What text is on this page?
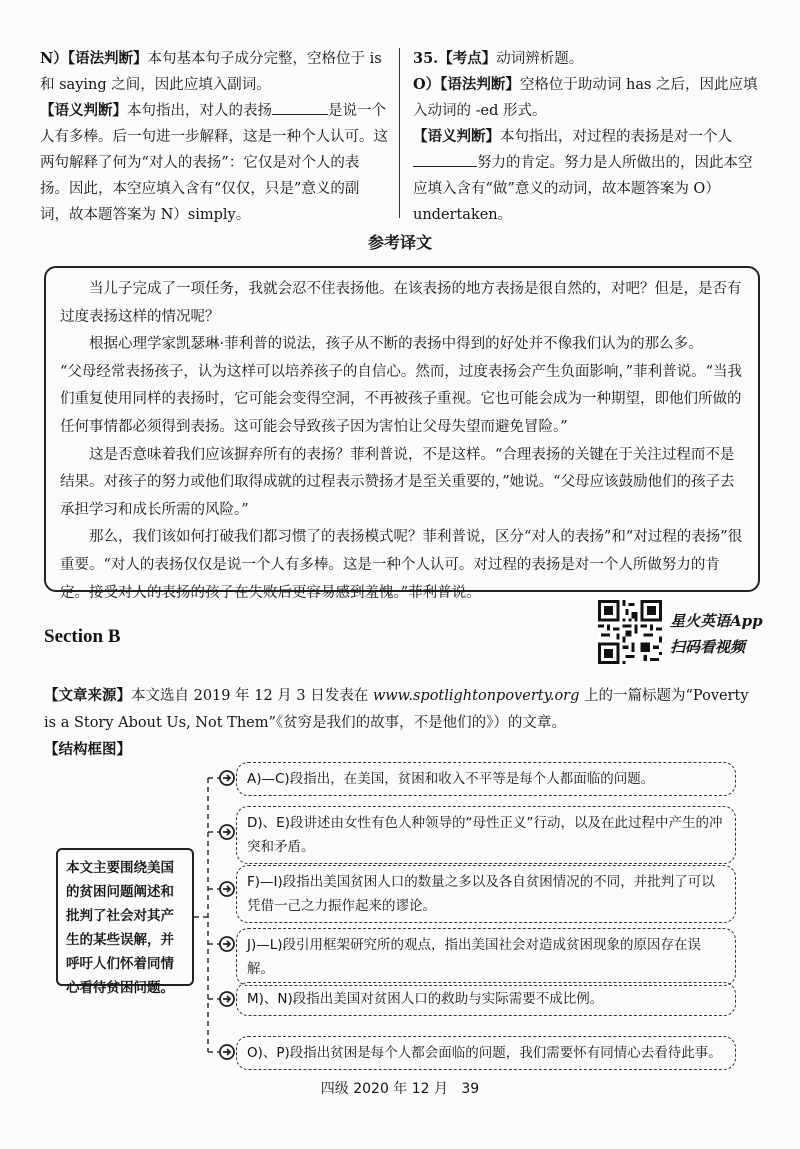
N）【语法判断】本句基本句子成分完整，空格位于 is 和 saying 之间，因此应填入副词。

【语义判断】本句指出，对人的表扬	是说一个人有多棒。后一句进一步解释，这是一种个人认可。这两句解释了何为“对人的表扬”：它仅是对个人的表扬。因此，本空应填入含有“仅仅，只是”意义的副词，故本题答案为 N）simply。

35.【考点】动词辨析题。

O）【语法判断】空格位于助动词 has 之后，因此应填入动词的 -ed 形式。

【语义判断】本句指出，对过程的表扬是对一个人努力的肯定。努力是人所做出的，因此本空应填入含有“做”意义的动词，故本题答案为 O）undertaken。

参考译文

当儿子完成了一项任务，我就会忍不住表扬他。在该表扬的地方表扬是很自然的，对吧？但是，是否有过度表扬这样的情况呢？

根据心理学家凯瑟琳·菲利普的说法，孩子从不断的表扬中得到的好处并不像我们认为的那么多。

“父母经常表扬孩子，认为这样可以培养孩子的自信心。然而，过度表扬会产生负面影响，”菲利普说。“当我们重复使用同样的表扬时，它可能会变得空洞，不再被孩子重视。它也可能会成为一种期望，即他们所做的任何事情都必须得到表扬。这可能会导致孩子因为害怕让父母失望而避免冒险。”

这是否意味着我们应该摒弃所有的表扬？菲利普说，不是这样。“合理表扬的关键在于关注过程而不是结果。对孩子的努力或他们取得成就的过程表示赞扬才是至关重要的，”她说。“父母应该鼓励他们的孩子去承担学习和成长所需的风险。”

那么，我们该如何打破我们都习惯了的表扬模式呢？菲利普说，区分“对人的表扬”和“对过程的表扬”很重要。“对人的表扬仅仅是说一个人有多棒。这是一种个人认可。对过程的表扬是对一个人所做努力的肯定。接受对人的表扬的孩子在失败后更容易感到羞愧。”菲利普说。

Section B
星火英语App
扫码看视频

【文章来源】本文选自 2019 年 12 月 3 日发表在 www.spotlightonpoverty.org 上的一篇标题为“Poverty is a Story About Us, Not Them”《贫穷是我们的故事，不是他们的》）的文章。

【结构框图】
本文主要围绕美国的贫困问题阐述和批判了社会对其产生的某些误解，并呼吁人们怀着同情心看待贫困问题。
A)—C)段指出，在美国，贫困和收入不平等是每个人都面临的问题。
D)、E)段讲述由女性有色人种领导的“母性正义”行动，以及在此过程中产生的冲突和矛盾。
F)—I)段指出美国贫困人口的数量之多以及各自贫困情况的不同，并批判了可以凭借一己之力振作起来的谬论。
J)—L)段引用框架研究所的观点，指出美国社会对造成贫困现象的原因存在误解。
M)、N)段指出美国对贫困人口的救助与实际需要不成比例。
O)、P)段指出贫困是每个人都会面临的问题，我们需要怀有同情心去看待此事。
四级 2020 年 12 月 39
